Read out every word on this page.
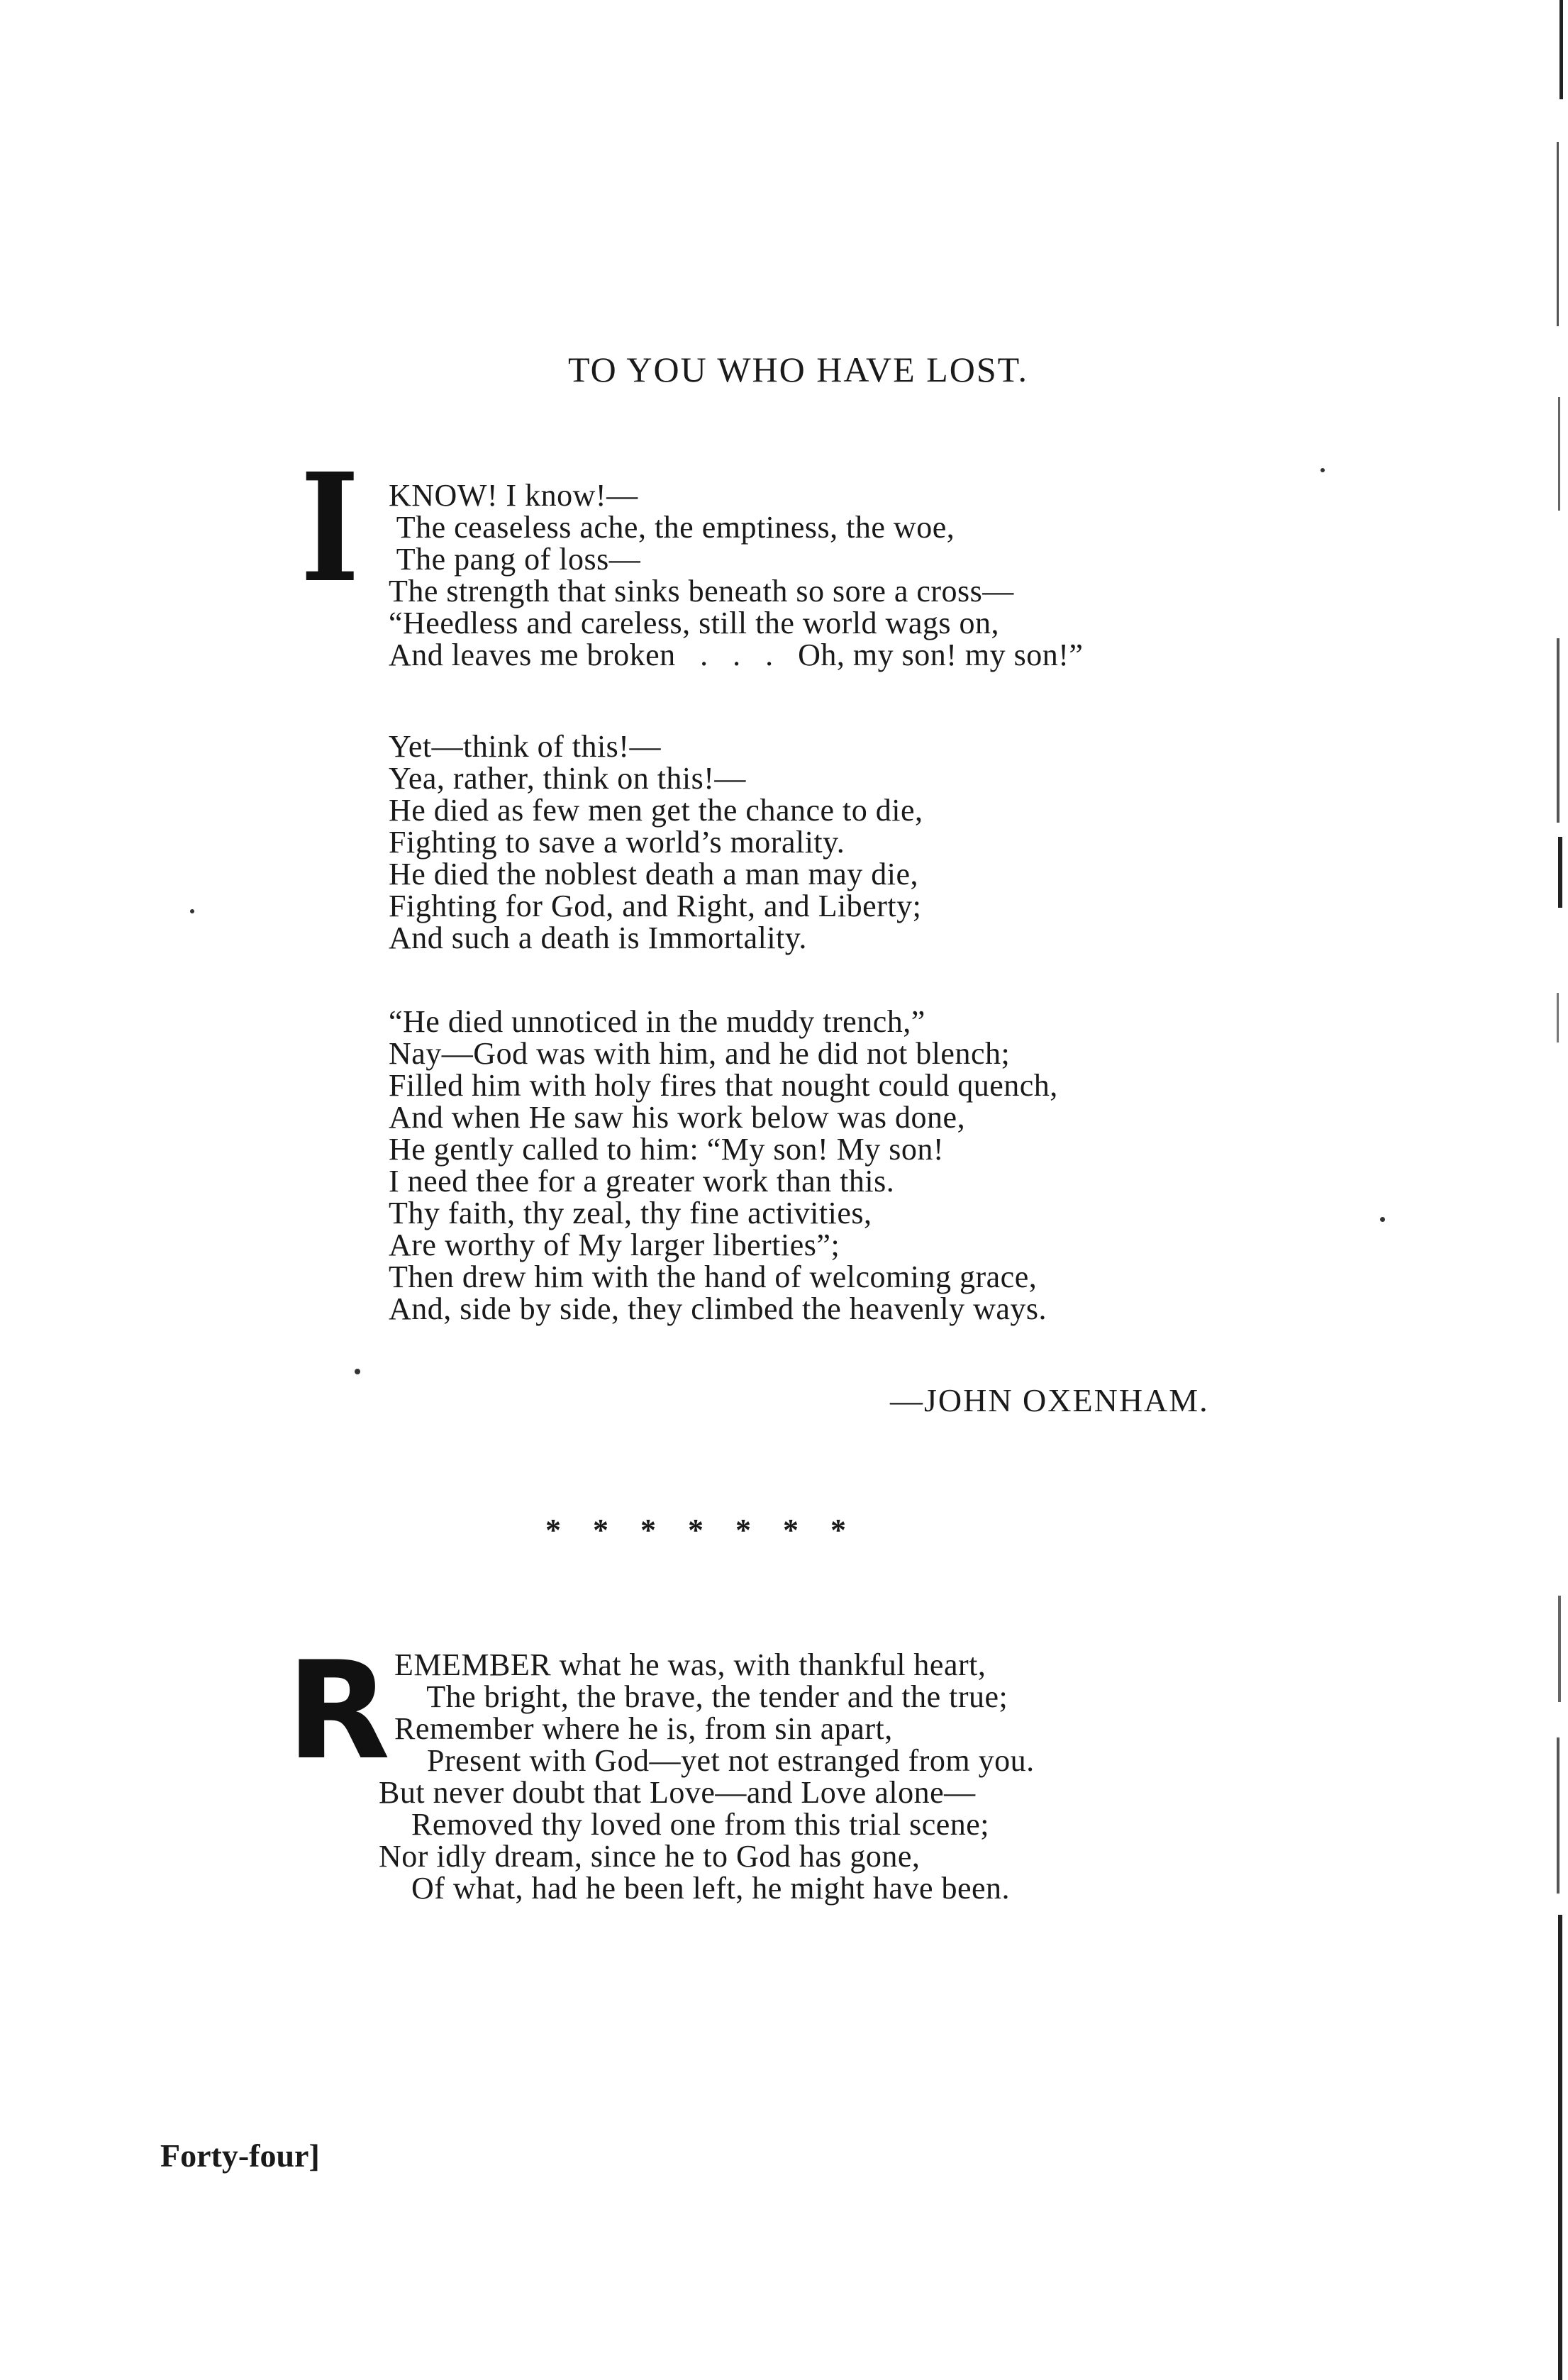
TO YOU WHO HAVE LOST.
I KNOW! I know!—
The ceaseless ache, the emptiness, the woe,
The pang of loss—
The strength that sinks beneath so sore a cross—
“Heedless and careless, still the world wags on,
And leaves me broken   .   .   .   Oh, my son! my son!”
Yet—think of this!—
Yea, rather, think on this!—
He died as few men get the chance to die,
Fighting to save a world’s morality.
He died the noblest death a man may die,
Fighting for God, and Right, and Liberty;
And such a death is Immortality.
“He died unnoticed in the muddy trench,”
Nay—God was with him, and he did not blench;
Filled him with holy fires that nought could quench,
And when He saw his work below was done,
He gently called to him: “My son! My son!
I need thee for a greater work than this.
Thy faith, thy zeal, thy fine activities,
Are worthy of My larger liberties”;
Then drew him with the hand of welcoming grace,
And, side by side, they climbed the heavenly ways.
—JOHN OXENHAM.
* * * * * * *
R EMEMBER what he was, with thankful heart,
The bright, the brave, the tender and the true;
Remember where he is, from sin apart,
Present with God—yet not estranged from you.
But never doubt that Love—and Love alone—
Removed thy loved one from this trial scene;
Nor idly dream, since he to God has gone,
Of what, had he been left, he might have been.
Forty-four]
